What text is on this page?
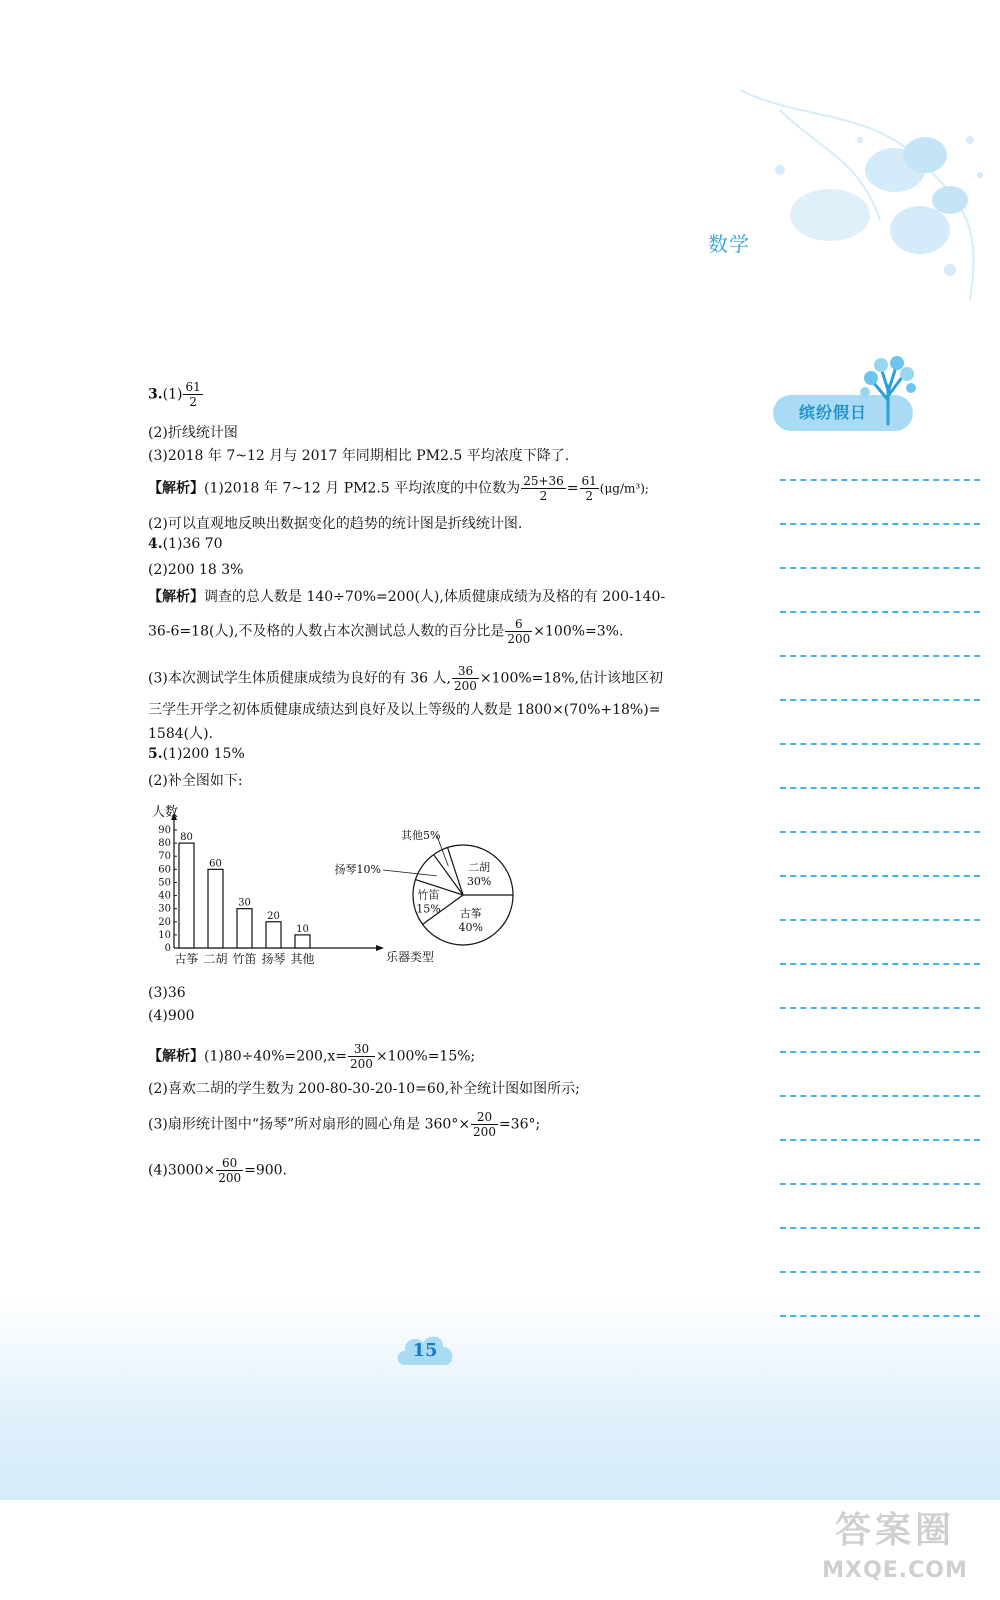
数学
缤纷假日
$3.(1) \frac{61}{2}$
(2)折线统计图
(3)2018 年 7~12 月与 2017 年同期相比 PM2.5 平均浓度下降了.
【解析】(1)2018 年 7~12 月 PM2.5 平均浓度的中位数为 $\frac{25+36}{2} = \frac{61}{2} (\mu g/m^3)$;
(2)可以直观地反映出数据变化的趋势的统计图是折线统计图.
4.(1)36 70
(2)200 18 3%
【解析】调查的总人数是 140÷70%=200(人),体质健康成绩为及格的有 200-140-
36-6=18(人),不及格的人数占本次测试总人数的百分比是 $\frac{6}{200} \times 100\%=3\%$.
(3)本次测试学生体质健康成绩为良好的有 36 人, $\frac{36}{200} \times 100\%=18\%$,估计该地区初
三学生开学之初体质健康成绩达到良好及以上等级的人数是 1800×(70%+18%)=
1584(人).
5.(1)200 15%
(2)补全图如下:
(3)36
(4)900
【解析】$(1)80\div 40\%=200,x= \frac{30}{200} \times 100\%=15\%$;
(2)喜欢二胡的学生数为 200-80-30-20-10=60,补全统计图如图所示;
(3)扇形统计图中“扬琴”所对扇形的圆心角是 $360^\circ\times \frac{20}{200} =36^\circ$;
$(4)3000\times \frac{60}{200} =900$.
人数
乐器类型
0
10
20
30
40
50
60
70
80
90
80
古筝
60
二胡
30
竹笛
20
扬琴
10
其他
二胡
30%
古筝
40%
竹笛
15%
其他5%
扬琴10%
15
答案圈
MXQE.COM
